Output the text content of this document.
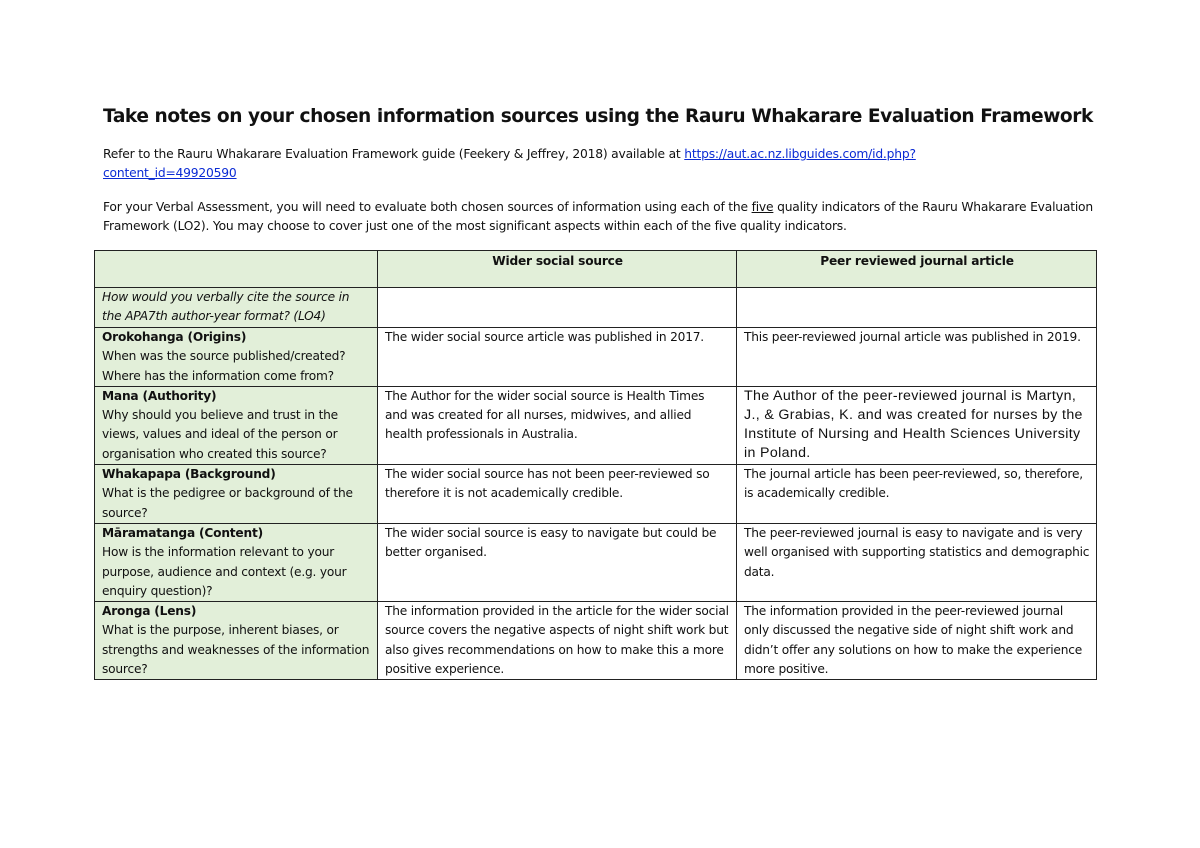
Take notes on your chosen information sources using the Rauru Whakarare Evaluation Framework
Refer to the Rauru Whakarare Evaluation Framework guide (Feekery & Jeffrey, 2018) available at https://aut.ac.nz.libguides.com/id.php?
content_id=49920590
For your Verbal Assessment, you will need to evaluate both chosen sources of information using each of the five quality indicators of the Rauru Whakarare Evaluation Framework (LO2). You may choose to cover just one of the most significant aspects within each of the five quality indicators.
	Wider social source	Peer reviewed journal article
How would you verbally cite the source in the APA7th author-year format? (LO4)		

Orokohanga (Origins)
When was the source published/created? Where has the information come from?	The wider social source article was published in 2017.	This peer-reviewed journal article was published in 2019.

Mana (Authority)
Why should you believe and trust in the views, values and ideal of the person or organisation who created this source?	The Author for the wider social source is Health Times and was created for all nurses, midwives, and allied health professionals in Australia.	The Author of the peer-reviewed journal is Martyn, J., & Grabias, K. and was created for nurses by the Institute of Nursing and Health Sciences University in Poland.

Whakapapa (Background)
What is the pedigree or background of the source?	The wider social source has not been peer-reviewed so therefore it is not academically credible.	The journal article has been peer-reviewed, so, therefore, is academically credible.

Māramatanga (Content)
How is the information relevant to your purpose, audience and context (e.g. your enquiry question)?	The wider social source is easy to navigate but could be better organised.	The peer-reviewed journal is easy to navigate and is very well organised with supporting statistics and demographic data.

Aronga (Lens)
What is the purpose, inherent biases, or strengths and weaknesses of the information source?	The information provided in the article for the wider social source covers the negative aspects of night shift work but also gives recommendations on how to make this a more positive experience.	The information provided in the peer-reviewed journal only discussed the negative side of night shift work and didn’t offer any solutions on how to make the experience more positive.
